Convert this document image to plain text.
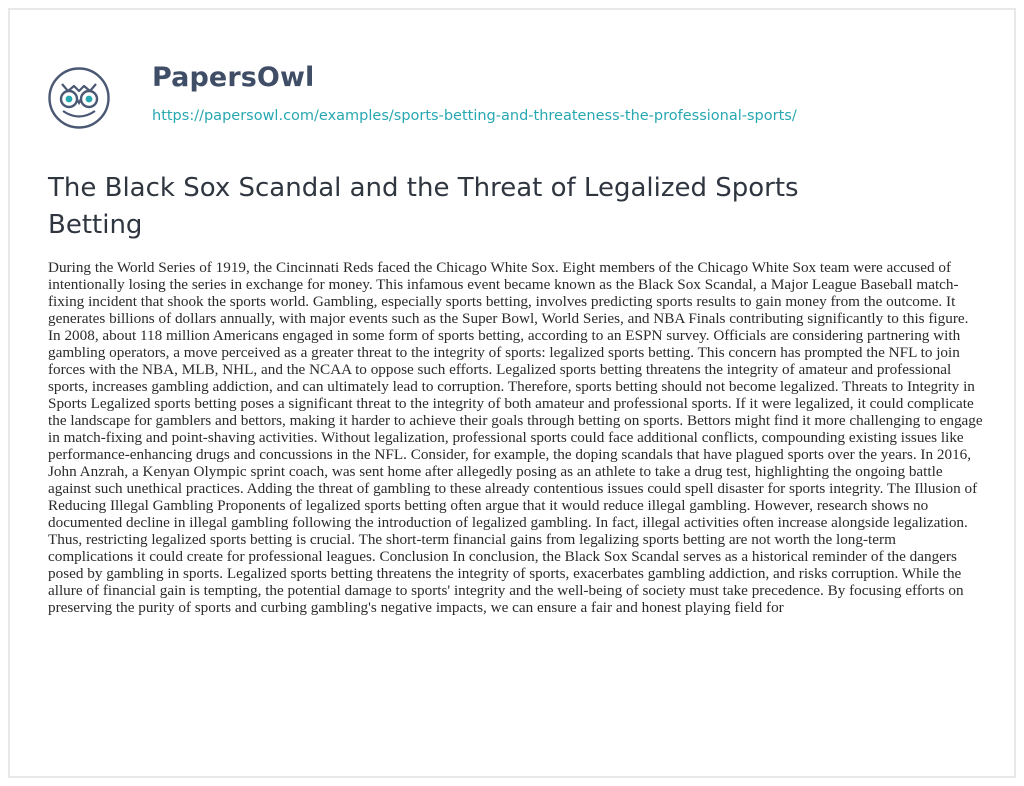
PapersOwl
https://papersowl.com/examples/sports-betting-and-threateness-the-professional-sports/
The Black Sox Scandal and the Threat of Legalized Sports Betting

During the World Series of 1919, the Cincinnati Reds faced the Chicago White Sox. Eight members of the Chicago White Sox team were accused of intentionally losing the series in exchange for money. This infamous event became known as the Black Sox Scandal, a Major League Baseball match-fixing incident that shook the sports world. Gambling, especially sports betting, involves predicting sports results to gain money from the outcome. It generates billions of dollars annually, with major events such as the Super Bowl, World Series, and NBA Finals contributing significantly to this figure. In 2008, about 118 million Americans engaged in some form of sports betting, according to an ESPN survey. Officials are considering partnering with gambling operators, a move perceived as a greater threat to the integrity of sports: legalized sports betting. This concern has prompted the NFL to join forces with the NBA, MLB, NHL, and the NCAA to oppose such efforts. Legalized sports betting threatens the integrity of amateur and professional sports, increases gambling addiction, and can ultimately lead to corruption. Therefore, sports betting should not become legalized. Threats to Integrity in Sports Legalized sports betting poses a significant threat to the integrity of both amateur and professional sports. If it were legalized, it could complicate the landscape for gamblers and bettors, making it harder to achieve their goals through betting on sports. Bettors might find it more challenging to engage in match-fixing and point-shaving activities. Without legalization, professional sports could face additional conflicts, compounding existing issues like performance-enhancing drugs and concussions in the NFL. Consider, for example, the doping scandals that have plagued sports over the years. In 2016, John Anzrah, a Kenyan Olympic sprint coach, was sent home after allegedly posing as an athlete to take a drug test, highlighting the ongoing battle against such unethical practices. Adding the threat of gambling to these already contentious issues could spell disaster for sports integrity. The Illusion of Reducing Illegal Gambling Proponents of legalized sports betting often argue that it would reduce illegal gambling. However, research shows no documented decline in illegal gambling following the introduction of legalized gambling. In fact, illegal activities often increase alongside legalization. Thus, restricting legalized sports betting is crucial. The short-term financial gains from legalizing sports betting are not worth the long-term complications it could create for professional leagues. Conclusion In conclusion, the Black Sox Scandal serves as a historical reminder of the dangers posed by gambling in sports. Legalized sports betting threatens the integrity of sports, exacerbates gambling addiction, and risks corruption. While the allure of financial gain is tempting, the potential damage to sports' integrity and the well-being of society must take precedence. By focusing efforts on preserving the purity of sports and curbing gambling's negative impacts, we can ensure a fair and honest playing field for
